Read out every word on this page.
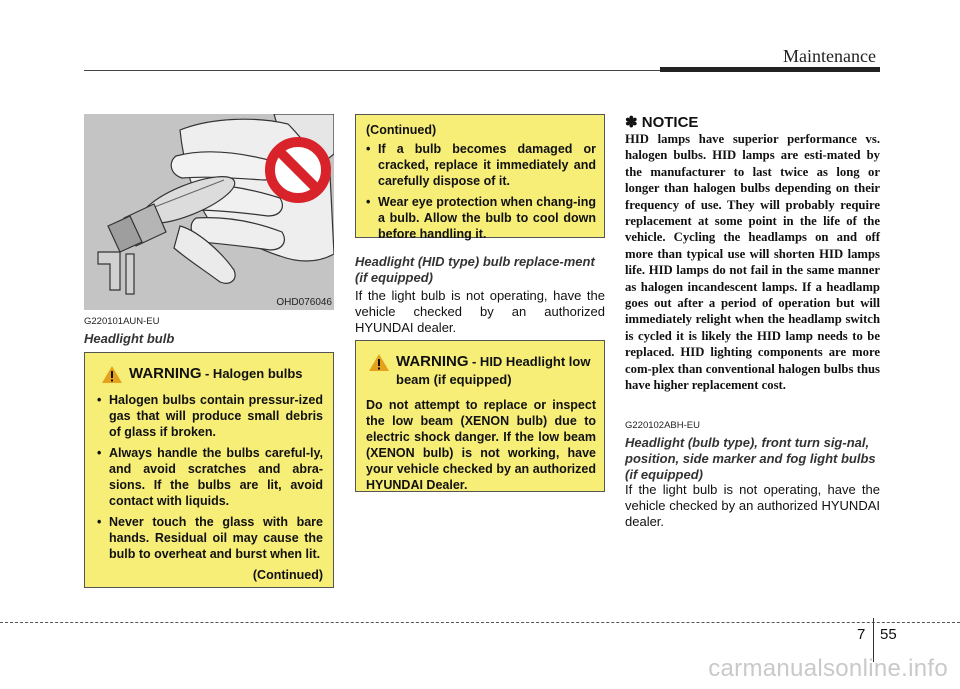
Maintenance
OHD076046
G220101AUN-EU
Headlight bulb
WARNING - Halogen bulbs
• Halogen bulbs contain pressur-ized gas that will produce small debris of glass if broken.
• Always handle the bulbs careful-ly, and avoid scratches and abra-sions. If the bulbs are lit, avoid contact with liquids.
• Never touch the glass with bare hands. Residual oil may cause the bulb to overheat and burst when lit.
(Continued)
(Continued)
• If a bulb becomes damaged or cracked, replace it immediately and carefully dispose of it.
• Wear eye protection when chang-ing a bulb. Allow the bulb to cool down before handling it.
Headlight (HID type) bulb replace-ment (if equipped)
If the light bulb is not operating, have the vehicle checked by an authorized HYUNDAI dealer.
WARNING - HID Headlight low beam (if equipped)
Do not attempt to replace or inspect the low beam (XENON bulb) due to electric shock danger. If the low beam (XENON bulb) is not working, have your vehicle checked by an authorized HYUNDAI Dealer.
✽ NOTICE
HID lamps have superior performance vs. halogen bulbs. HID lamps are esti-mated by the manufacturer to last twice as long or longer than halogen bulbs depending on their frequency of use. They will probably require replacement at some point in the life of the vehicle. Cycling the headlamps on and off more than typical use will shorten HID lamps life. HID lamps do not fail in the same manner as halogen incandescent lamps. If a headlamp goes out after a period of operation but will immediately relight when the headlamp switch is cycled it is likely the HID lamp needs to be replaced. HID lighting components are more com-plex than conventional halogen bulbs thus have higher replacement cost.
G220102ABH-EU
Headlight (bulb type), front turn sig-nal, position, side marker and fog light bulbs (if equipped)
If the light bulb is not operating, have the vehicle checked by an authorized HYUNDAI dealer.
7 55
carmanualsonline.info
